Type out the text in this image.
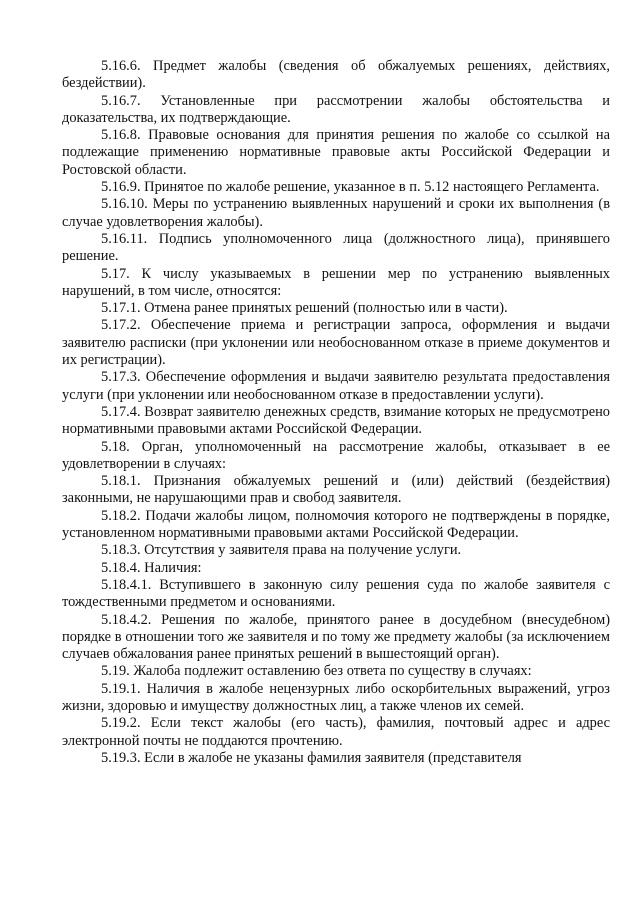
5.16.6. Предмет жалобы (сведения об обжалуемых решениях, действиях, бездействии).

5.16.7. Установленные при рассмотрении жалобы обстоятельства и доказательства, их подтверждающие.

5.16.8. Правовые основания для принятия решения по жалобе со ссылкой на подлежащие применению нормативные правовые акты Российской Федерации и Ростовской области.

5.16.9. Принятое по жалобе решение, указанное в п. 5.12 настоящего Регламента.

5.16.10. Меры по устранению выявленных нарушений и сроки их выполнения (в случае удовлетворения жалобы).

5.16.11. Подпись уполномоченного лица (должностного лица), принявшего решение.

5.17. К числу указываемых в решении мер по устранению выявленных нарушений, в том числе, относятся:

5.17.1. Отмена ранее принятых решений (полностью или в части).

5.17.2. Обеспечение приема и регистрации запроса, оформления и выдачи заявителю расписки (при уклонении или необоснованном отказе в приеме документов и их регистрации).

5.17.3. Обеспечение оформления и выдачи заявителю результата предоставления услуги (при уклонении или необоснованном отказе в предоставлении услуги).

5.17.4. Возврат заявителю денежных средств, взимание которых не предусмотрено нормативными правовыми актами Российской Федерации.

5.18. Орган, уполномоченный на рассмотрение жалобы, отказывает в ее удовлетворении в случаях:

5.18.1. Признания обжалуемых решений и (или) действий (бездействия) законными, не нарушающими прав и свобод заявителя.

5.18.2. Подачи жалобы лицом, полномочия которого не подтверждены в порядке, установленном нормативными правовыми актами Российской Федерации.

5.18.3. Отсутствия у заявителя права на получение услуги.

5.18.4. Наличия:

5.18.4.1. Вступившего в законную силу решения суда по жалобе заявителя с тождественными предметом и основаниями.

5.18.4.2. Решения по жалобе, принятого ранее в досудебном (внесудебном) порядке в отношении того же заявителя и по тому же предмету жалобы (за исключением случаев обжалования ранее принятых решений в вышестоящий орган).

5.19. Жалоба подлежит оставлению без ответа по существу в случаях:

5.19.1. Наличия в жалобе нецензурных либо оскорбительных выражений, угроз жизни, здоровью и имуществу должностных лиц, а также членов их семей.

5.19.2. Если текст жалобы (его часть), фамилия, почтовый адрес и адрес электронной почты не поддаются прочтению.

5.19.3. Если в жалобе не указаны фамилия заявителя (представителя
